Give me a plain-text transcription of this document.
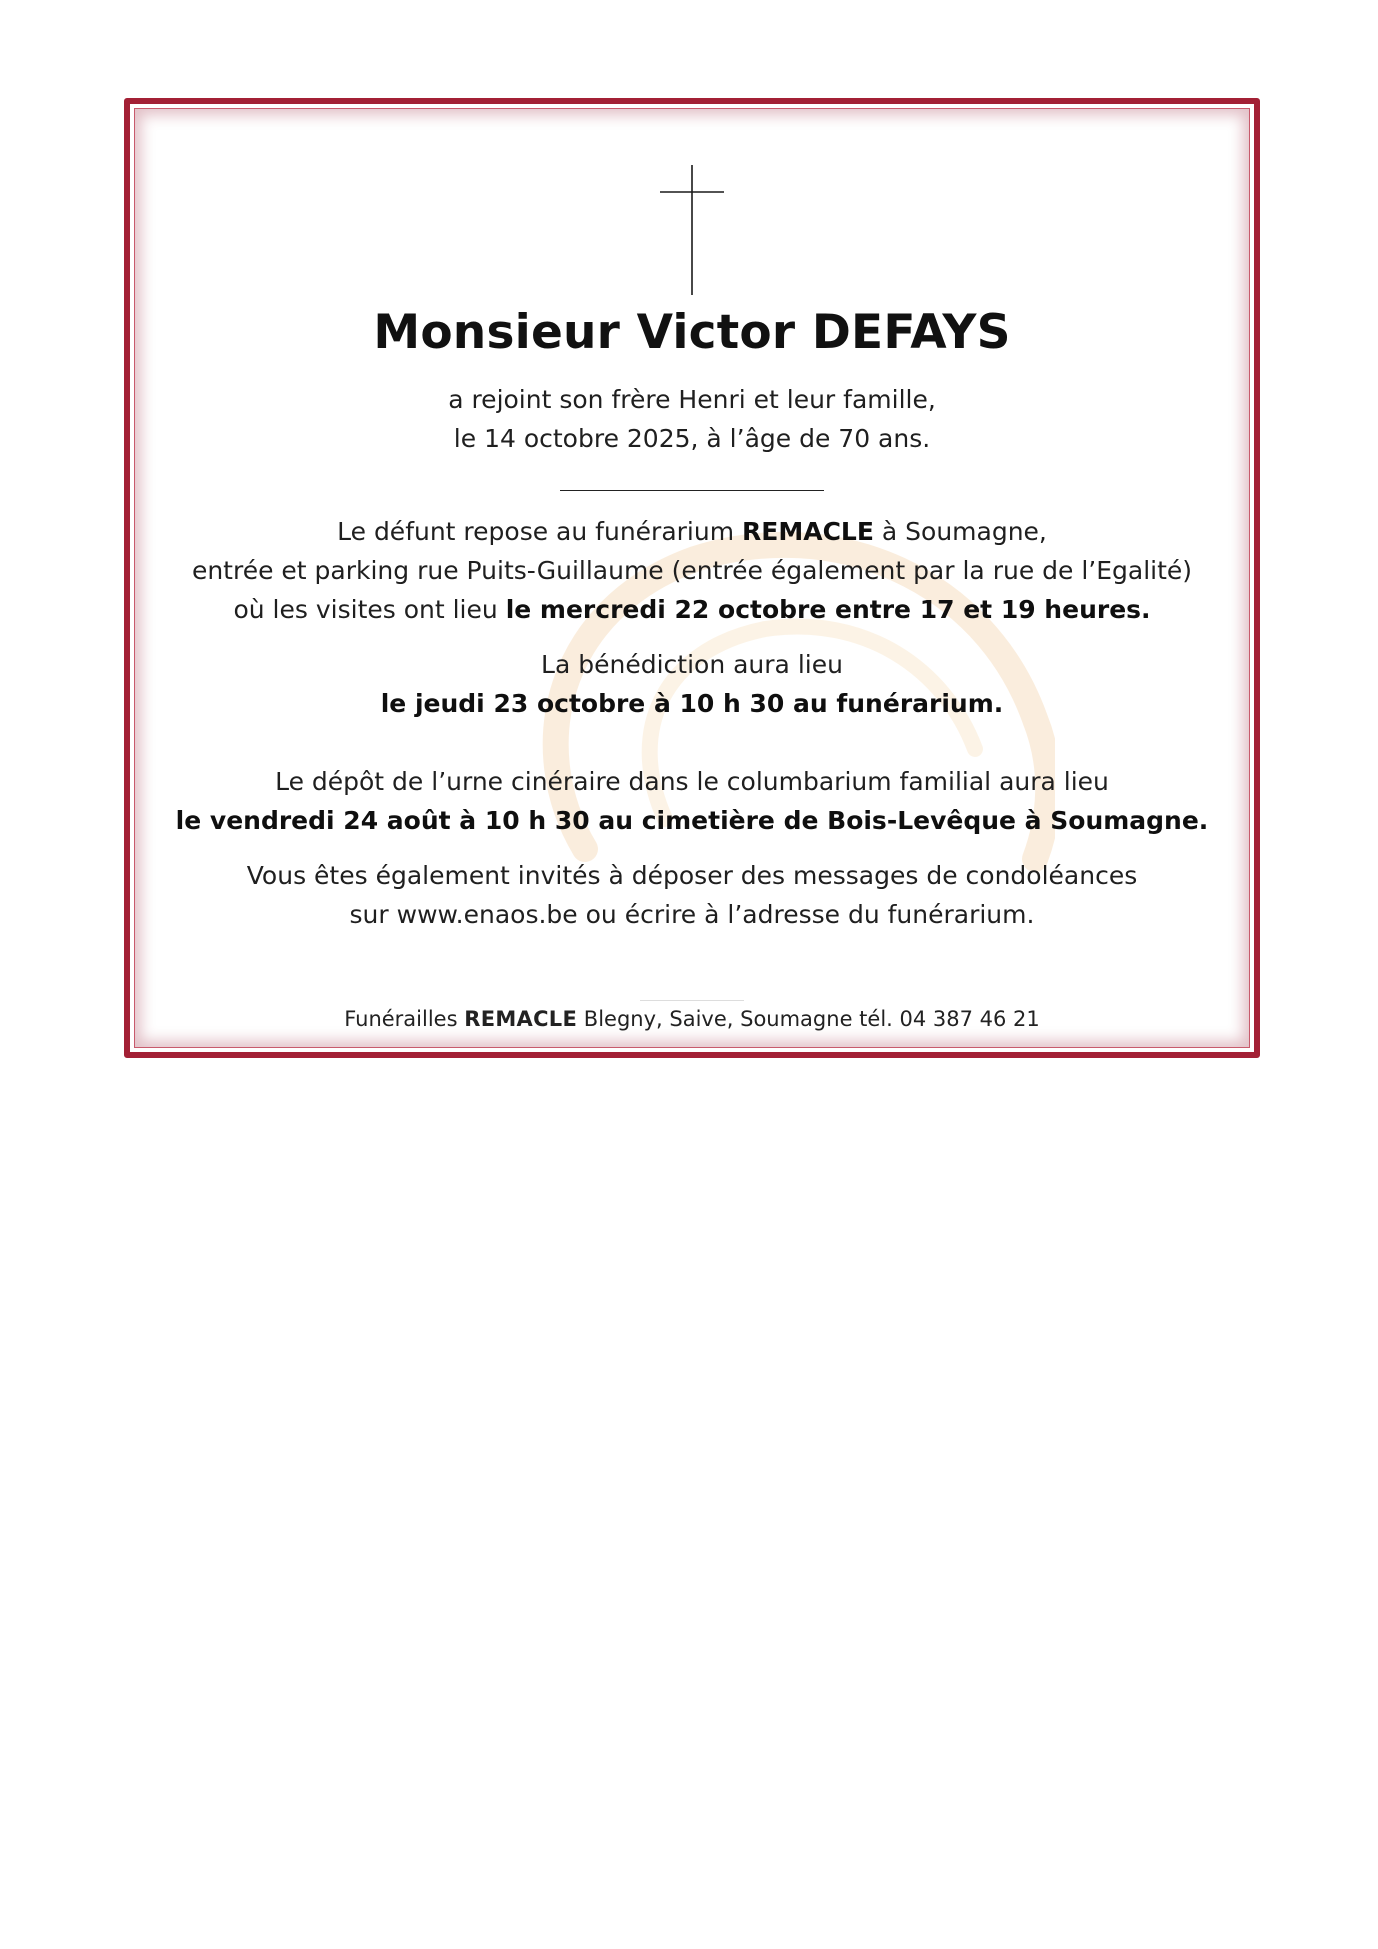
Monsieur Victor DEFAYS
a rejoint son frère Henri et leur famille,
le 14 octobre 2025, à l’âge de 70 ans.
Le défunt repose au funérarium REMACLE à Soumagne,
entrée et parking rue Puits-Guillaume (entrée également par la rue de l’Egalité)
où les visites ont lieu le mercredi 22 octobre entre 17 et 19 heures.
La bénédiction aura lieu
le jeudi 23 octobre à 10 h 30 au funérarium.
Le dépôt de l’urne cinéraire dans le columbarium familial aura lieu
le vendredi 24 août à 10 h 30 au cimetière de Bois-Levêque à Soumagne.
Vous êtes également invités à déposer des messages de condoléances
sur www.enaos.be ou écrire à l’adresse du funérarium.
Funérailles REMACLE Blegny, Saive, Soumagne tél. 04 387 46 21
